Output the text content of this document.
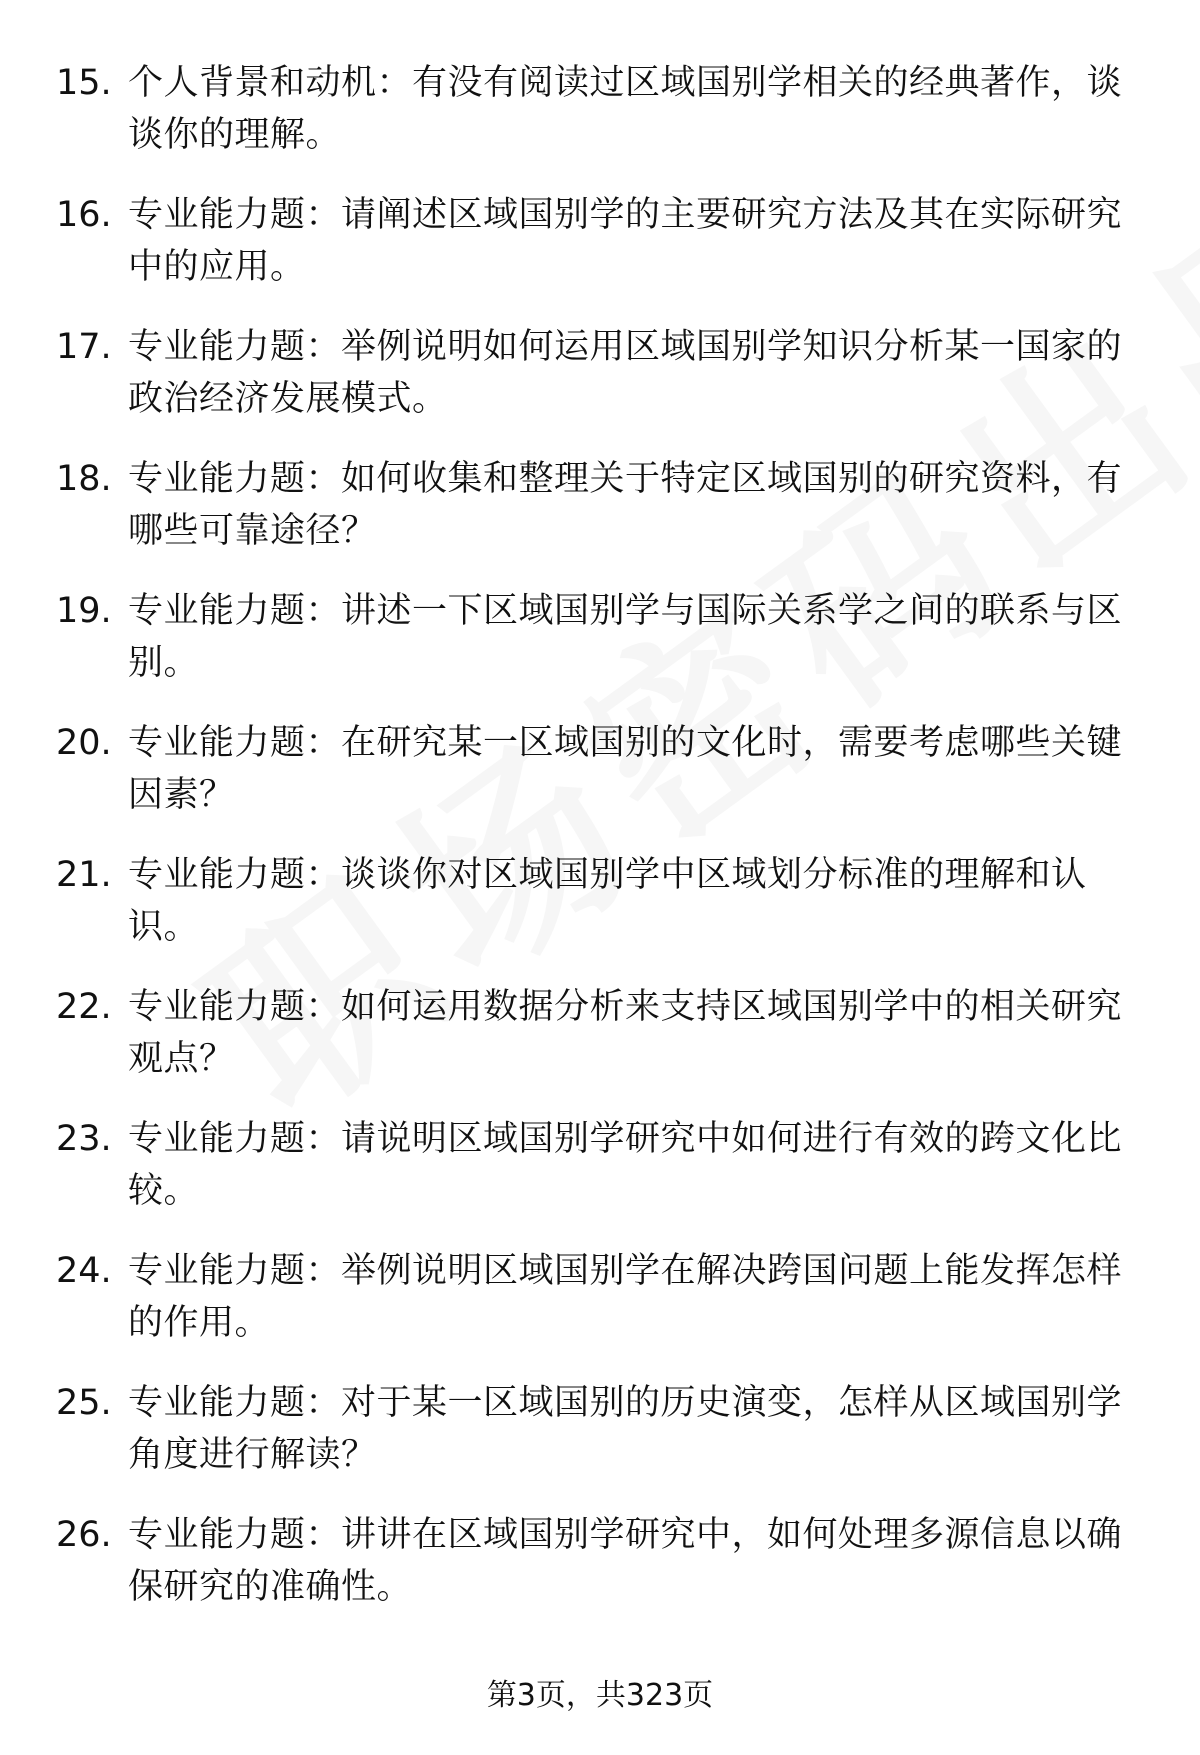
15. 个人背景和动机：有没有阅读过区域国别学相关的经典著作，谈谈你的理解。
16. 专业能力题：请阐述区域国别学的主要研究方法及其在实际研究中的应用。
17. 专业能力题：举例说明如何运用区域国别学知识分析某一国家的政治经济发展模式。
18. 专业能力题：如何收集和整理关于特定区域国别的研究资料，有哪些可靠途径？
19. 专业能力题：讲述一下区域国别学与国际关系学之间的联系与区别。
20. 专业能力题：在研究某一区域国别的文化时，需要考虑哪些关键因素？
21. 专业能力题：谈谈你对区域国别学中区域划分标准的理解和认识。
22. 专业能力题：如何运用数据分析来支持区域国别学中的相关研究观点？
23. 专业能力题：请说明区域国别学研究中如何进行有效的跨文化比较。
24. 专业能力题：举例说明区域国别学在解决跨国问题上能发挥怎样的作用。
25. 专业能力题：对于某一区域国别的历史演变，怎样从区域国别学角度进行解读？
26. 专业能力题：讲讲在区域国别学研究中，如何处理多源信息以确保研究的准确性。
第3页，共323页
